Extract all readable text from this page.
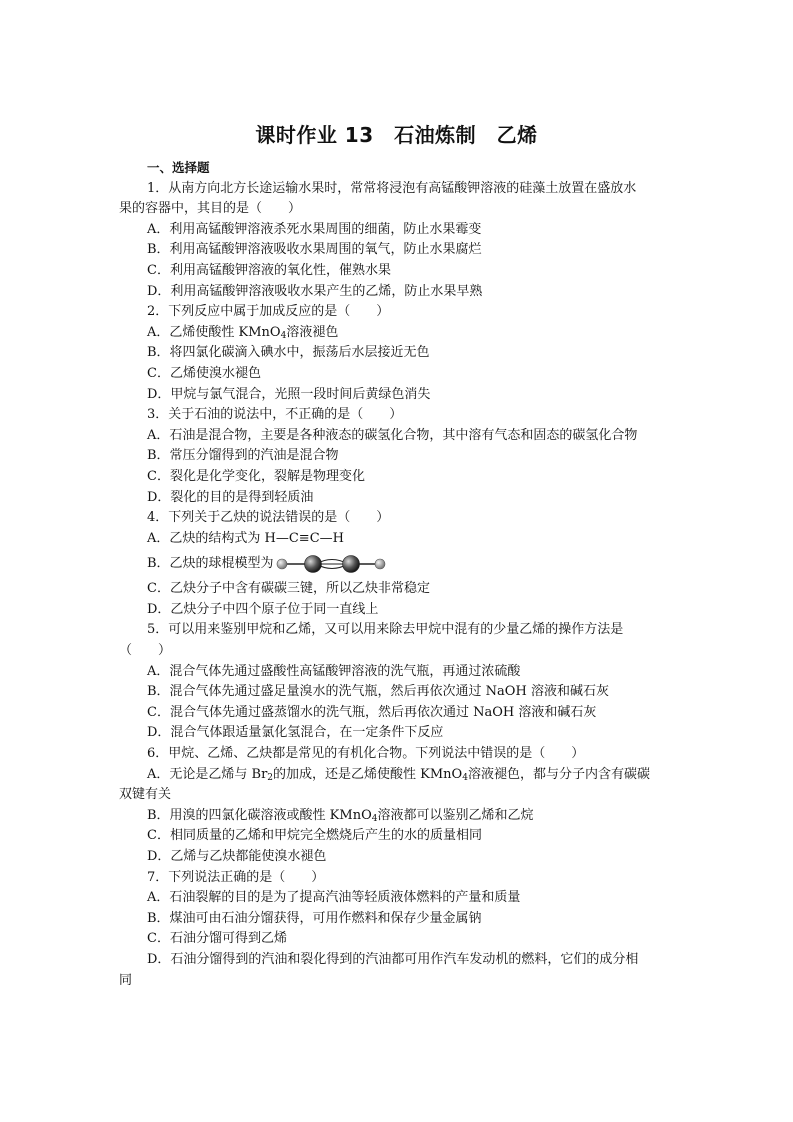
课时作业 13　石油炼制　乙烯
一、选择题
1．从南方向北方长途运输水果时，常常将浸泡有高锰酸钾溶液的硅藻土放置在盛放水
果的容器中，其目的是（　　）
A．利用高锰酸钾溶液杀死水果周围的细菌，防止水果霉变
B．利用高锰酸钾溶液吸收水果周围的氧气，防止水果腐烂
C．利用高锰酸钾溶液的氧化性，催熟水果
D．利用高锰酸钾溶液吸收水果产生的乙烯，防止水果早熟
2．下列反应中属于加成反应的是（　　）
A．乙烯使酸性 KMnO$_4$溶液褪色
B．将四氯化碳滴入碘水中，振荡后水层接近无色
C．乙烯使溴水褪色
D．甲烷与氯气混合，光照一段时间后黄绿色消失
3．关于石油的说法中，不正确的是（　　）
A．石油是混合物，主要是各种液态的碳氢化合物，其中溶有气态和固态的碳氢化合物
B．常压分馏得到的汽油是混合物
C．裂化是化学变化，裂解是物理变化
D．裂化的目的是得到轻质油
4．下列关于乙炔的说法错误的是（　　）
A．乙炔的结构式为 H—C≡C—H
B．乙炔的球棍模型为
C．乙炔分子中含有碳碳三键，所以乙炔非常稳定
D．乙炔分子中四个原子位于同一直线上
5．可以用来鉴别甲烷和乙烯，又可以用来除去甲烷中混有的少量乙烯的操作方法是
（　　）
A．混合气体先通过盛酸性高锰酸钾溶液的洗气瓶，再通过浓硫酸
B．混合气体先通过盛足量溴水的洗气瓶，然后再依次通过 NaOH 溶液和碱石灰
C．混合气体先通过盛蒸馏水的洗气瓶，然后再依次通过 NaOH 溶液和碱石灰
D．混合气体跟适量氯化氢混合，在一定条件下反应
6．甲烷、乙烯、乙炔都是常见的有机化合物。下列说法中错误的是（　　）
A．无论是乙烯与 $Br_2$的加成，还是乙烯使酸性 KMnO$_4$溶液褪色，都与分子内含有碳碳
双键有关
B．用溴的四氯化碳溶液或酸性 KMnO$_4$溶液都可以鉴别乙烯和乙烷
C．相同质量的乙烯和甲烷完全燃烧后产生的水的质量相同
D．乙烯与乙炔都能使溴水褪色
7．下列说法正确的是（　　）
A．石油裂解的目的是为了提高汽油等轻质液体燃料的产量和质量
B．煤油可由石油分馏获得，可用作燃料和保存少量金属钠
C．石油分馏可得到乙烯
D．石油分馏得到的汽油和裂化得到的汽油都可用作汽车发动机的燃料，它们的成分相
同
